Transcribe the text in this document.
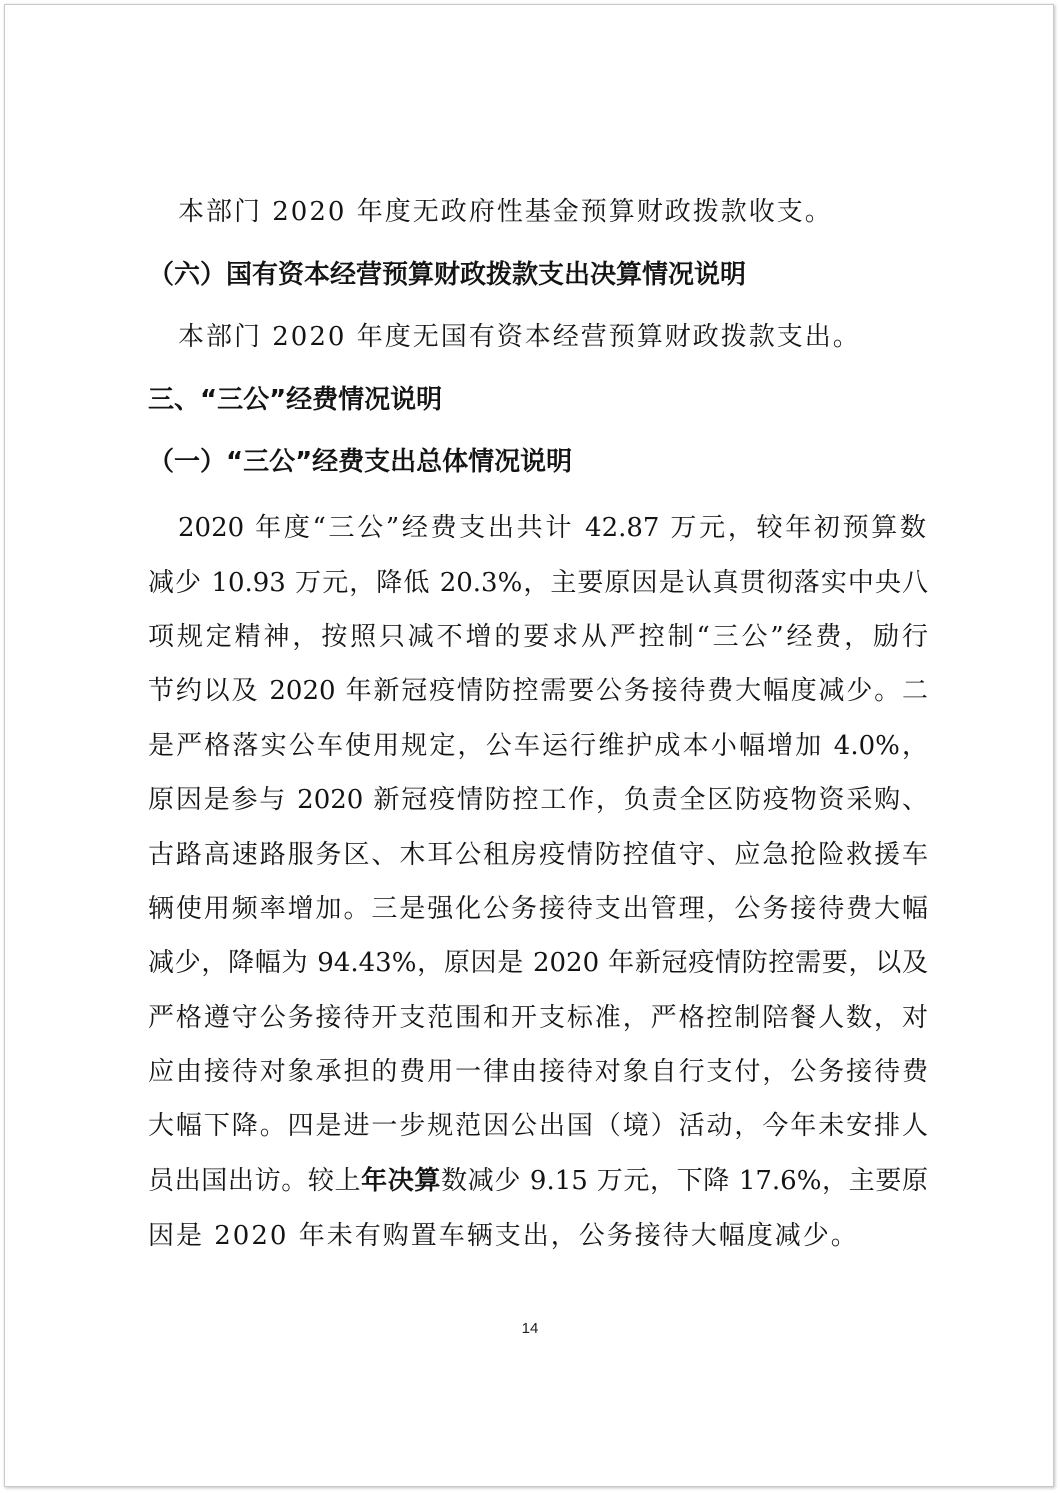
本部门 2020 年度无政府性基金预算财政拨款收支。
（六）国有资本经营预算财政拨款支出决算情况说明
本部门 2020 年度无国有资本经营预算财政拨款支出。
三、“三公”经费情况说明
（一）“三公”经费支出总体情况说明
2020 年度“三公”经费支出共计 42.87 万元，较年初预算数
减少 10.93 万元，降低 20.3%，主要原因是认真贯彻落实中央八
项规定精神，按照只减不增的要求从严控制“三公”经费，励行
节约以及 2020 年新冠疫情防控需要公务接待费大幅度减少。二
是严格落实公车使用规定，公车运行维护成本小幅增加 4.0%，
原因是参与 2020 新冠疫情防控工作，负责全区防疫物资采购、
古路高速路服务区、木耳公租房疫情防控值守、应急抢险救援车
辆使用频率增加。三是强化公务接待支出管理，公务接待费大幅
减少，降幅为 94.43%，原因是 2020 年新冠疫情防控需要，以及
严格遵守公务接待开支范围和开支标准，严格控制陪餐人数，对
应由接待对象承担的费用一律由接待对象自行支付，公务接待费
大幅下降。四是进一步规范因公出国（境）活动，今年未安排人
员出国出访。较上年决算数减少 9.15 万元，下降 17.6%，主要原
因是 2020 年未有购置车辆支出，公务接待大幅度减少。
14
